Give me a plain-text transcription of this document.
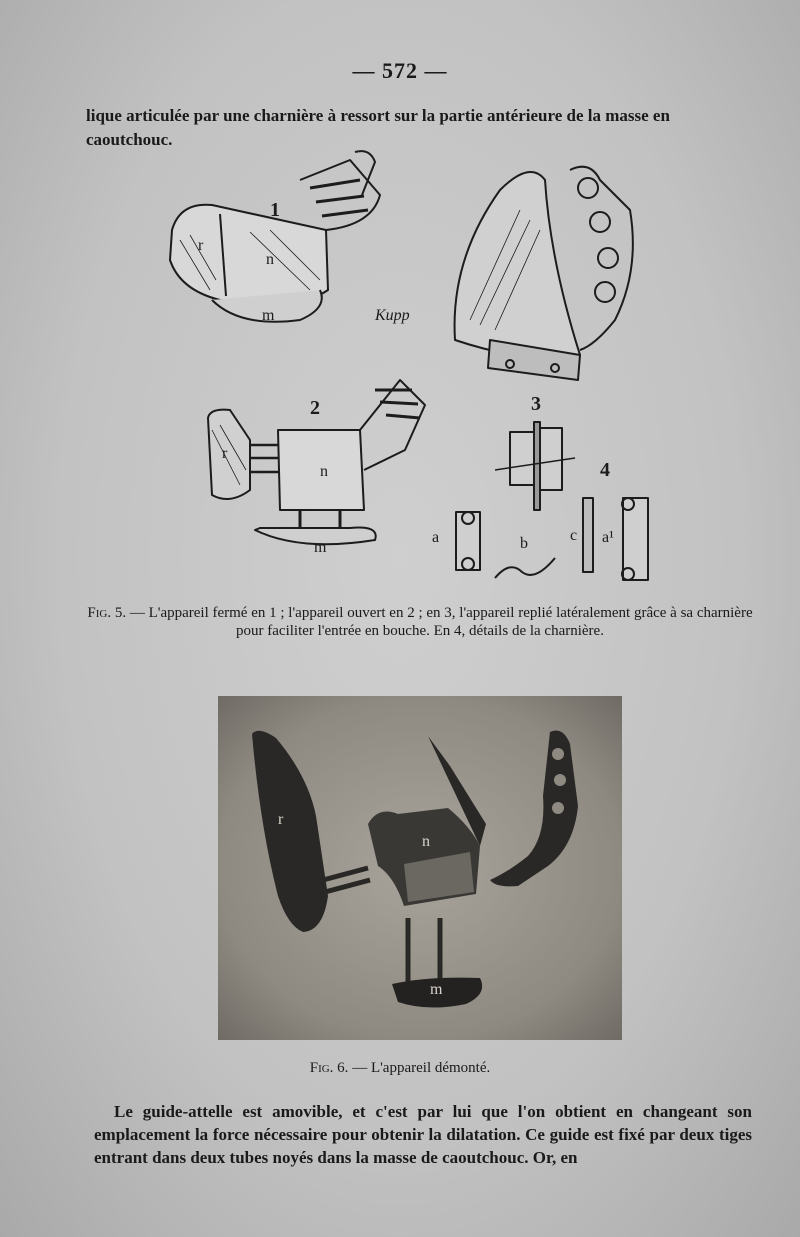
— 572 —
lique articulée par une charnière à ressort sur la partie antérieure de la masse en caoutchouc.
1
r
n
m
2
r
n
m
3
4
a	b	c a¹
Kupp
Fig. 5. — L'appareil fermé en 1 ; l'appareil ouvert en 2 ; en 3, l'appareil replié latéralement grâce à sa charnière pour faciliter l'entrée en bouche. En 4, détails de la charnière.
r
n
m
Fig. 6. — L'appareil démonté.
Le guide-attelle est amovible, et c'est par lui que l'on obtient en changeant son emplacement la force nécessaire pour obtenir la dilatation. Ce guide est fixé par deux tiges entrant dans deux tubes noyés dans la masse de caoutchouc. Or, en
